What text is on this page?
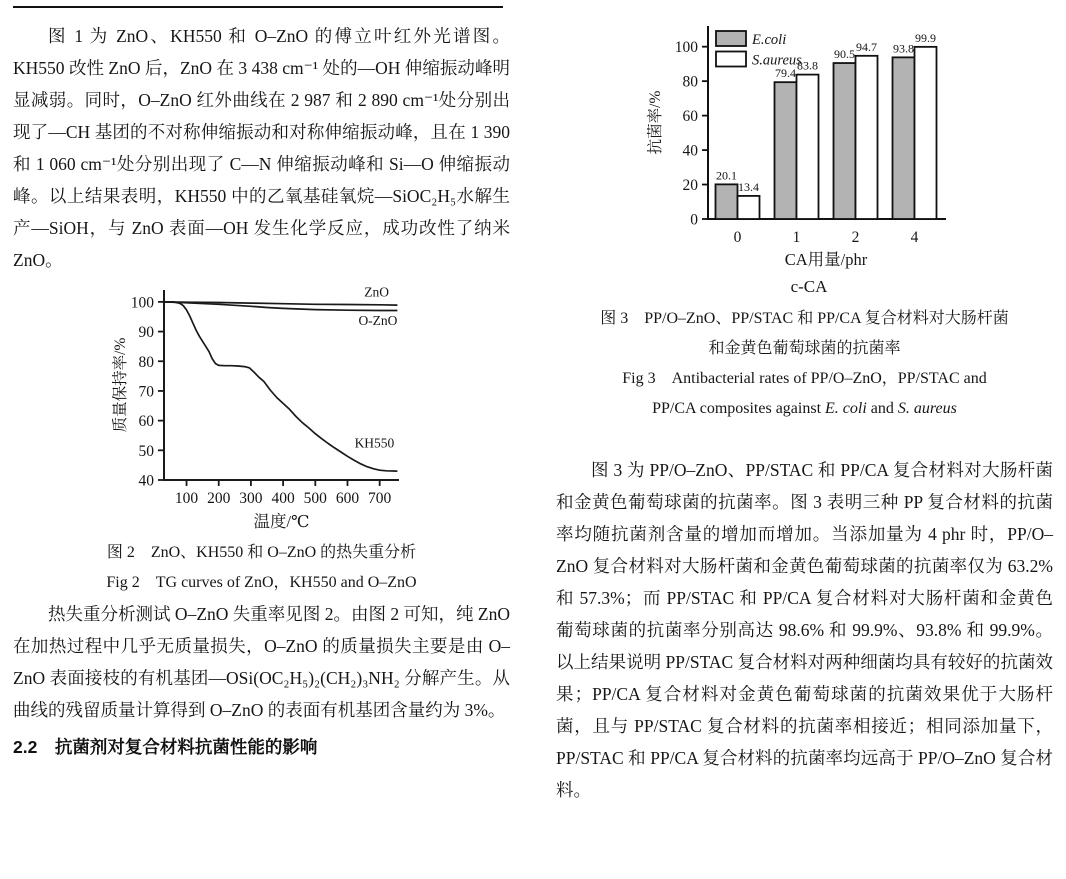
图 1 为 ZnO、KH550 和 O–ZnO 的傅立叶红外光谱图。KH550 改性 ZnO 后，ZnO 在 3 438 cm⁻¹ 处的—OH 伸缩振动峰明显减弱。同时，O–ZnO 红外曲线在 2 987 和 2 890 cm⁻¹处分别出现了—CH 基团的不对称伸缩振动和对称伸缩振动峰，且在 1 390 和 1 060 cm⁻¹处分别出现了 C—N 伸缩振动峰和 Si—O 伸缩振动峰。以上结果表明，KH550 中的乙氧基硅氧烷—SiOC₂H₅水解生产—SiOH，与 ZnO 表面—OH 发生化学反应，成功改性了纳米 ZnO。

40
50
60
70
80
90
100
100 200 300 400 500 600 700
温度/℃
质量保持率/%
ZnO
O-ZnO
KH550
图 2　ZnO、KH550 和 O–ZnO 的热失重分析
Fig 2　TG curves of ZnO，KH550 and O–ZnO

热失重分析测试 O–ZnO 失重率见图 2。由图 2 可知，纯 ZnO 在加热过程中几乎无质量损失，O–ZnO 的质量损失主要是由 O–ZnO 表面接枝的有机基团—OSi(OC₂H₅)₂(CH₂)₃NH₂ 分解产生。从曲线的残留质量计算得到 O–ZnO 的表面有机基团含量约为 3%。

2.2　抗菌剂对复合材料抗菌性能的影响
0
20
40
60
80
100
20.1
13.4
0
79.4
83.8
1
90.5
94.7
2
93.8
99.9
4
CA用量/phr
抗菌率/%
E.coli
S.aureus
c-CA
图 3　PP/O–ZnO、PP/STAC 和 PP/CA 复合材料对大肠杆菌
和金黄色葡萄球菌的抗菌率
Fig 3　Antibacterial rates of PP/O–ZnO，PP/STAC and
PP/CA composites against E. coli and S. aureus

图 3 为 PP/O–ZnO、PP/STAC 和 PP/CA 复合材料对大肠杆菌和金黄色葡萄球菌的抗菌率。图 3 表明三种 PP 复合材料的抗菌率均随抗菌剂含量的增加而增加。当添加量为 4 phr 时，PP/O–ZnO 复合材料对大肠杆菌和金黄色葡萄球菌的抗菌率仅为 63.2% 和 57.3%；而 PP/STAC 和 PP/CA 复合材料对大肠杆菌和金黄色葡萄球菌的抗菌率分别高达 98.6% 和 99.9%、93.8% 和 99.9%。以上结果说明 PP/STAC 复合材料对两种细菌均具有较好的抗菌效果；PP/CA 复合材料对金黄色葡萄球菌的抗菌效果优于大肠杆菌，且与 PP/STAC 复合材料的抗菌率相接近；相同添加量下，PP/STAC 和 PP/CA 复合材料的抗菌率均远高于 PP/O–ZnO 复合材料。
